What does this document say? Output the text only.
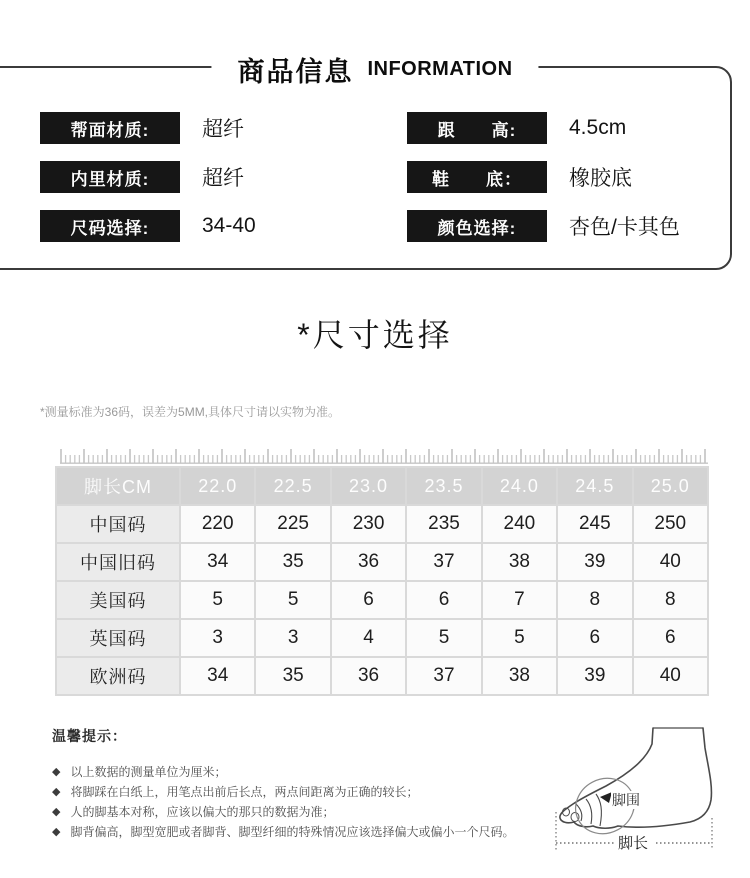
商品信息 INFORMATION
帮面材质:	超纤
内里材质:	超纤
尺码选择:	34-40
跟　　高:	4.5cm
鞋　　底：	橡胶底
颜色选择:	杏色/卡其色
*尺寸选择
*测量标准为36码，误差为5MM,具体尺寸请以实物为准。
脚长CM	22.0	22.5	23.0	23.5	24.0	24.5	25.0
中国码	220	225	230	235	240	245	250
中国旧码	34	35	36	37	38	39	40
美国码	5	5	6	6	7	8	8
英国码	3	3	4	5	5	6	6
欧洲码	34	35	36	37	38	39	40
温馨提示：
◆ 以上数据的测量单位为厘米；
◆ 将脚踩在白纸上，用笔点出前后长点，两点间距离为正确的较长；
◆ 人的脚基本对称，应该以偏大的那只的数据为准；
◆ 脚背偏高，脚型宽肥或者脚背、脚型纤细的特殊情况应该选择偏大或偏小一个尺码。
脚围
脚长
